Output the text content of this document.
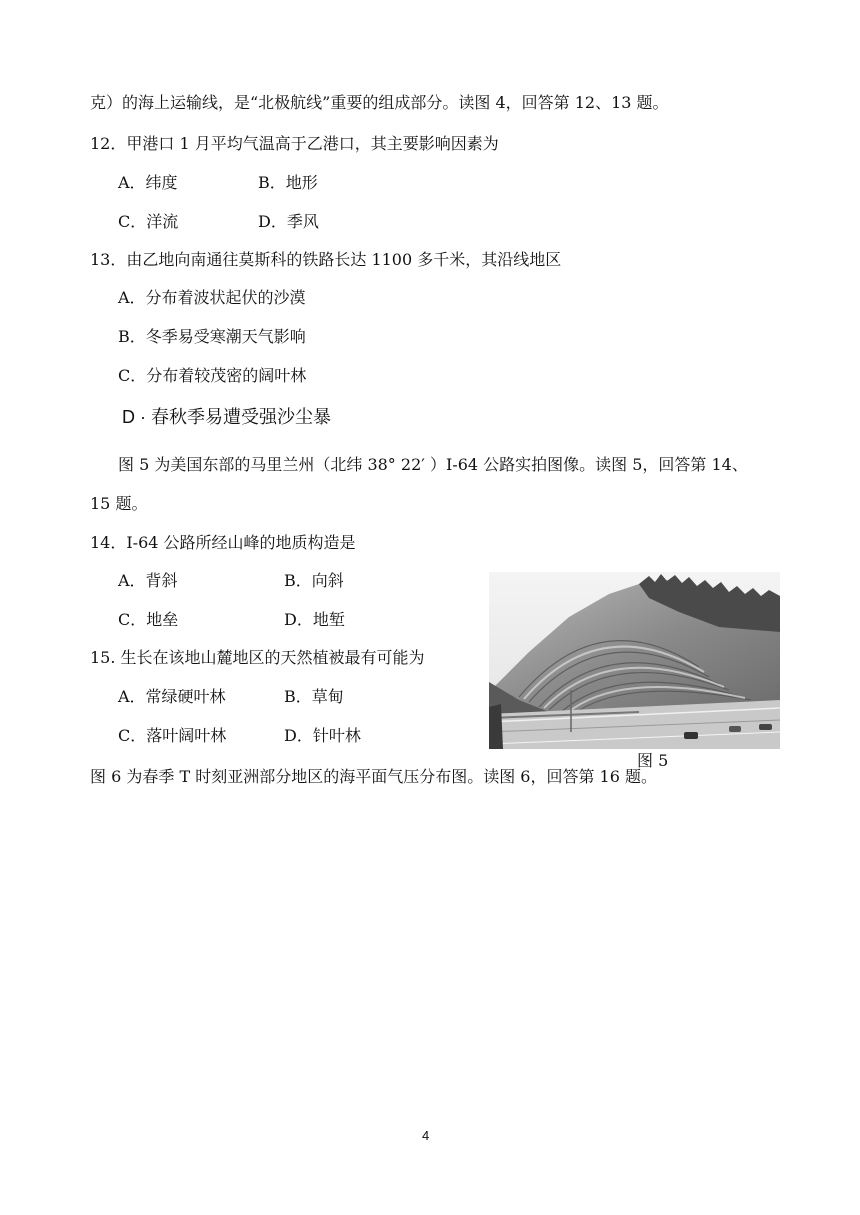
克）的海上运输线，是“北极航线”重要的组成部分。读图 4，回答第 12、13 题。
12．甲港口 1 月平均气温高于乙港口，其主要影响因素为
A．纬度	B．地形
C．洋流	D．季风
13．由乙地向南通往莫斯科的铁路长达 1100 多千米，其沿线地区
A．分布着波状起伏的沙漠
B．冬季易受寒潮天气影响
C．分布着较茂密的阔叶林
D · 春秋季易遭受强沙尘暴
图 5 为美国东部的马里兰州（北纬 38° 22′ ）I-64 公路实拍图像。读图 5，回答第 14、
15 题。
14．I-64 公路所经山峰的地质构造是
A．背斜	B．向斜
C．地垒	D．地堑
15. 生长在该地山麓地区的天然植被最有可能为
A．常绿硬叶林	B．草甸
C．落叶阔叶林	D．针叶林
图 5
图 6 为春季 T 时刻亚洲部分地区的海平面气压分布图。读图 6，回答第 16 题。
4
